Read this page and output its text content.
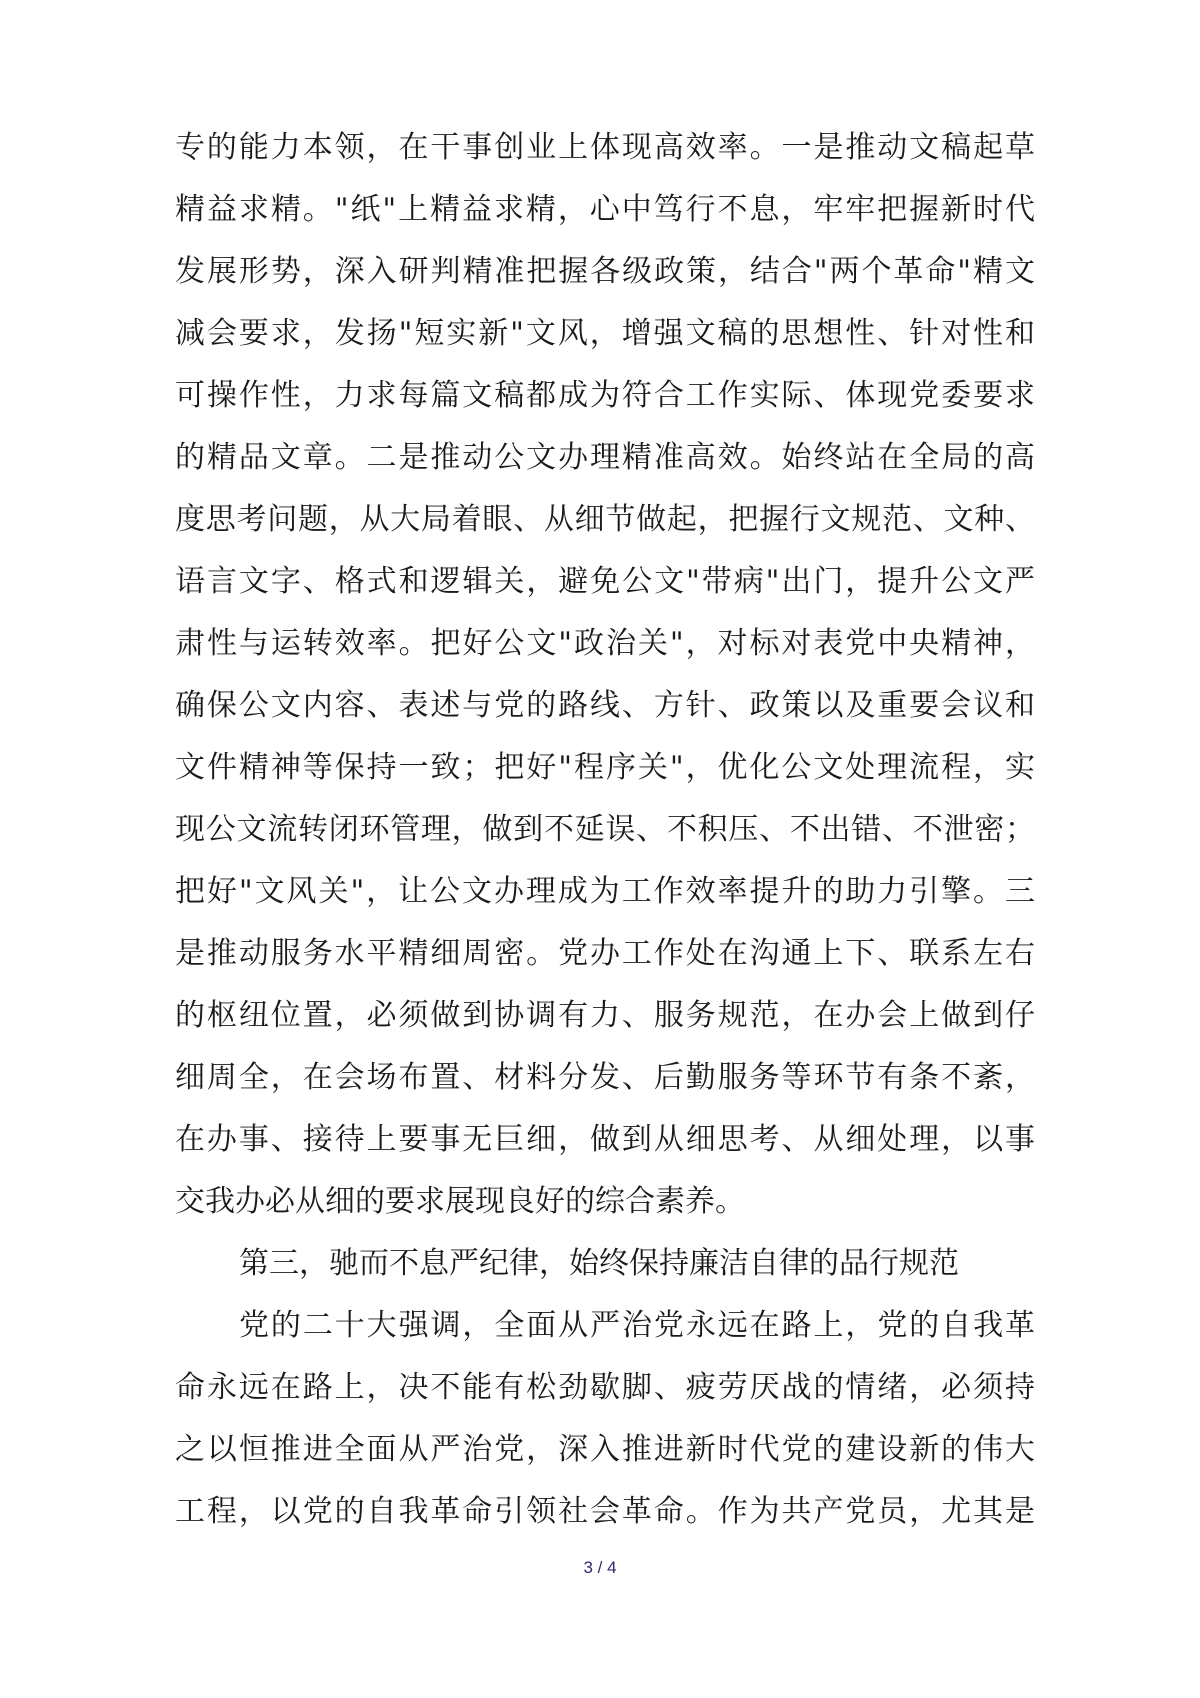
专的能力本领，在干事创业上体现高效率。一是推动文稿起草
精益求精。"纸"上精益求精，心中笃行不息，牢牢把握新时代
发展形势，深入研判精准把握各级政策，结合"两个革命"精文
减会要求，发扬"短实新"文风，增强文稿的思想性、针对性和
可操作性，力求每篇文稿都成为符合工作实际、体现党委要求
的精品文章。二是推动公文办理精准高效。始终站在全局的高
度思考问题，从大局着眼、从细节做起，把握行文规范、文种、
语言文字、格式和逻辑关，避免公文"带病"出门，提升公文严
肃性与运转效率。把好公文"政治关"，对标对表党中央精神，
确保公文内容、表述与党的路线、方针、政策以及重要会议和
文件精神等保持一致；把好"程序关"，优化公文处理流程，实
现公文流转闭环管理，做到不延误、不积压、不出错、不泄密；
把好"文风关"，让公文办理成为工作效率提升的助力引擎。三
是推动服务水平精细周密。党办工作处在沟通上下、联系左右
的枢纽位置，必须做到协调有力、服务规范，在办会上做到仔
细周全，在会场布置、材料分发、后勤服务等环节有条不紊，
在办事、接待上要事无巨细，做到从细思考、从细处理，以事
交我办必从细的要求展现良好的综合素养。
第三，驰而不息严纪律，始终保持廉洁自律的品行规范
党的二十大强调，全面从严治党永远在路上，党的自我革
命永远在路上，决不能有松劲歇脚、疲劳厌战的情绪，必须持
之以恒推进全面从严治党，深入推进新时代党的建设新的伟大
工程，以党的自我革命引领社会革命。作为共产党员，尤其是
3 / 4
